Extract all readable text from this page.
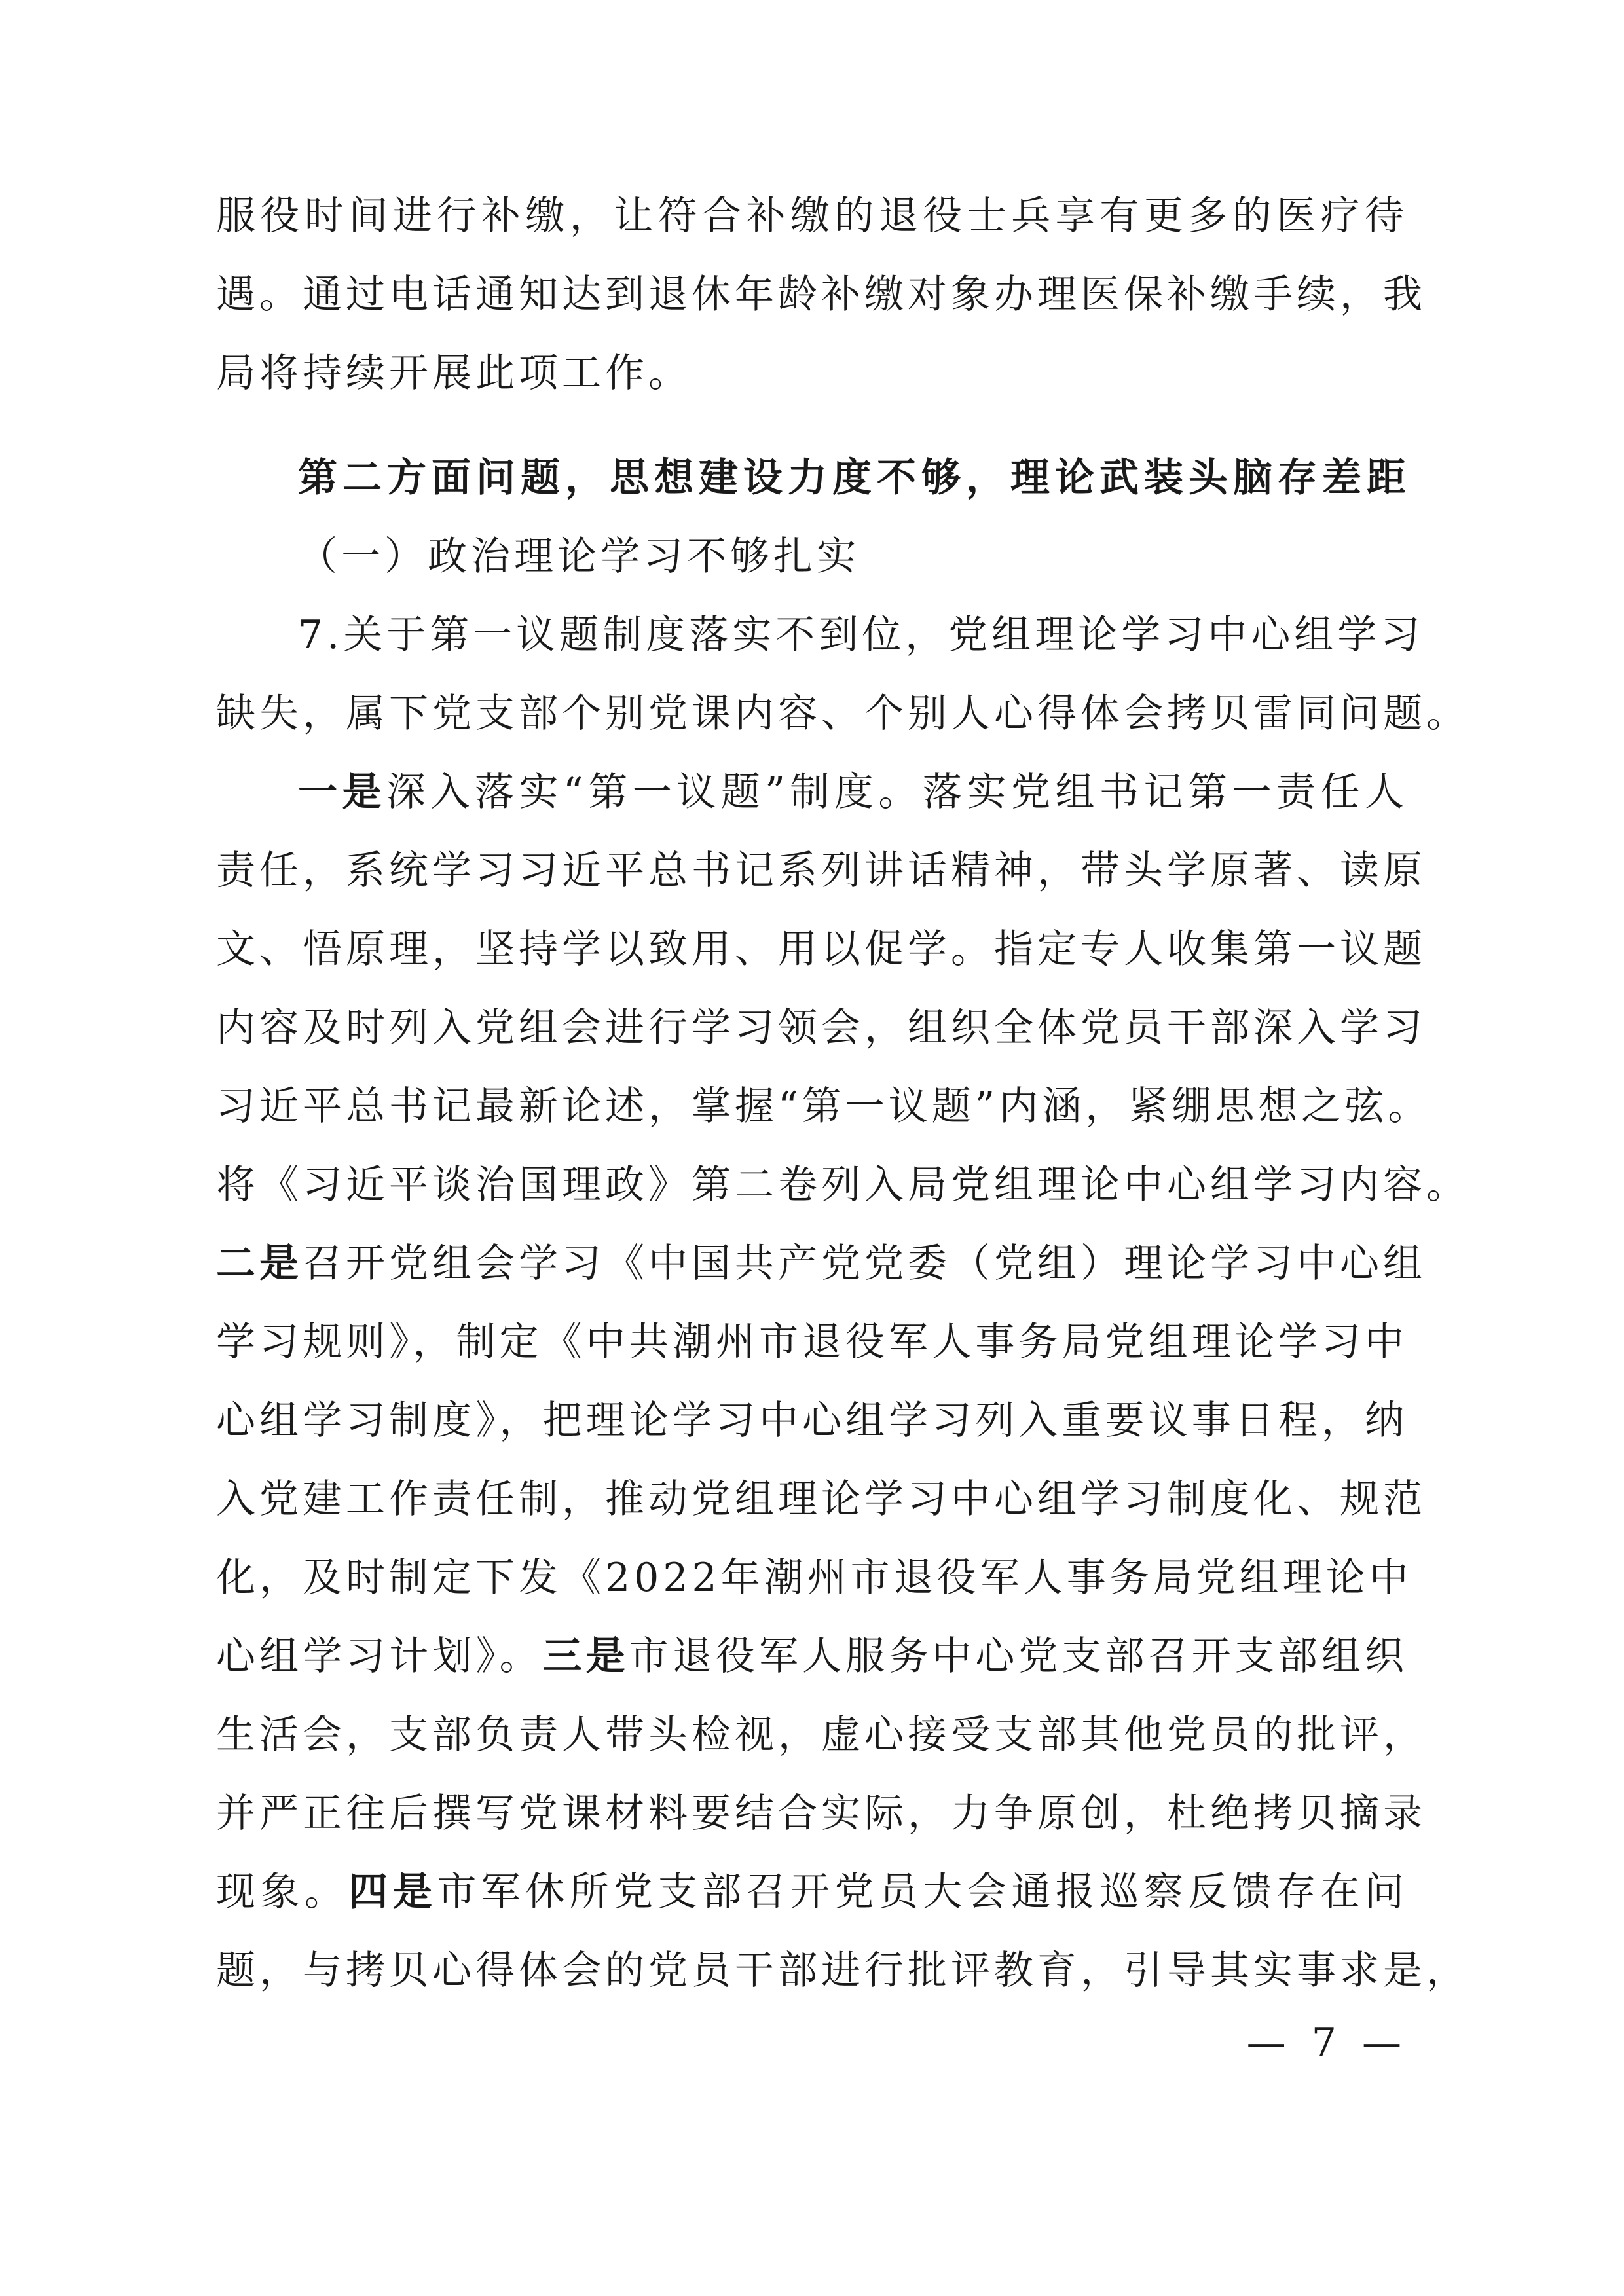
服役时间进行补缴，让符合补缴的退役士兵享有更多的医疗待
遇。通过电话通知达到退休年龄补缴对象办理医保补缴手续，我
局将持续开展此项工作。
第二方面问题，思想建设力度不够，理论武装头脑存差距
（一）政治理论学习不够扎实
7.关于第一议题制度落实不到位，党组理论学习中心组学习
缺失，属下党支部个别党课内容、个别人心得体会拷贝雷同问题。
一是深入落实“第一议题”制度。落实党组书记第一责任人
责任，系统学习习近平总书记系列讲话精神，带头学原著、读原
文、悟原理，坚持学以致用、用以促学。指定专人收集第一议题
内容及时列入党组会进行学习领会，组织全体党员干部深入学习
习近平总书记最新论述，掌握“第一议题”内涵，紧绷思想之弦。
将《习近平谈治国理政》第二卷列入局党组理论中心组学习内容。
二是召开党组会学习《中国共产党党委（党组）理论学习中心组
学习规则》，制定《中共潮州市退役军人事务局党组理论学习中
心组学习制度》，把理论学习中心组学习列入重要议事日程，纳
入党建工作责任制，推动党组理论学习中心组学习制度化、规范
化，及时制定下发《2022年潮州市退役军人事务局党组理论中
心组学习计划》。三是市退役军人服务中心党支部召开支部组织
生活会，支部负责人带头检视，虚心接受支部其他党员的批评，
并严正往后撰写党课材料要结合实际，力争原创，杜绝拷贝摘录
现象。四是市军休所党支部召开党员大会通报巡察反馈存在问
题，与拷贝心得体会的党员干部进行批评教育，引导其实事求是，
— 7 —
